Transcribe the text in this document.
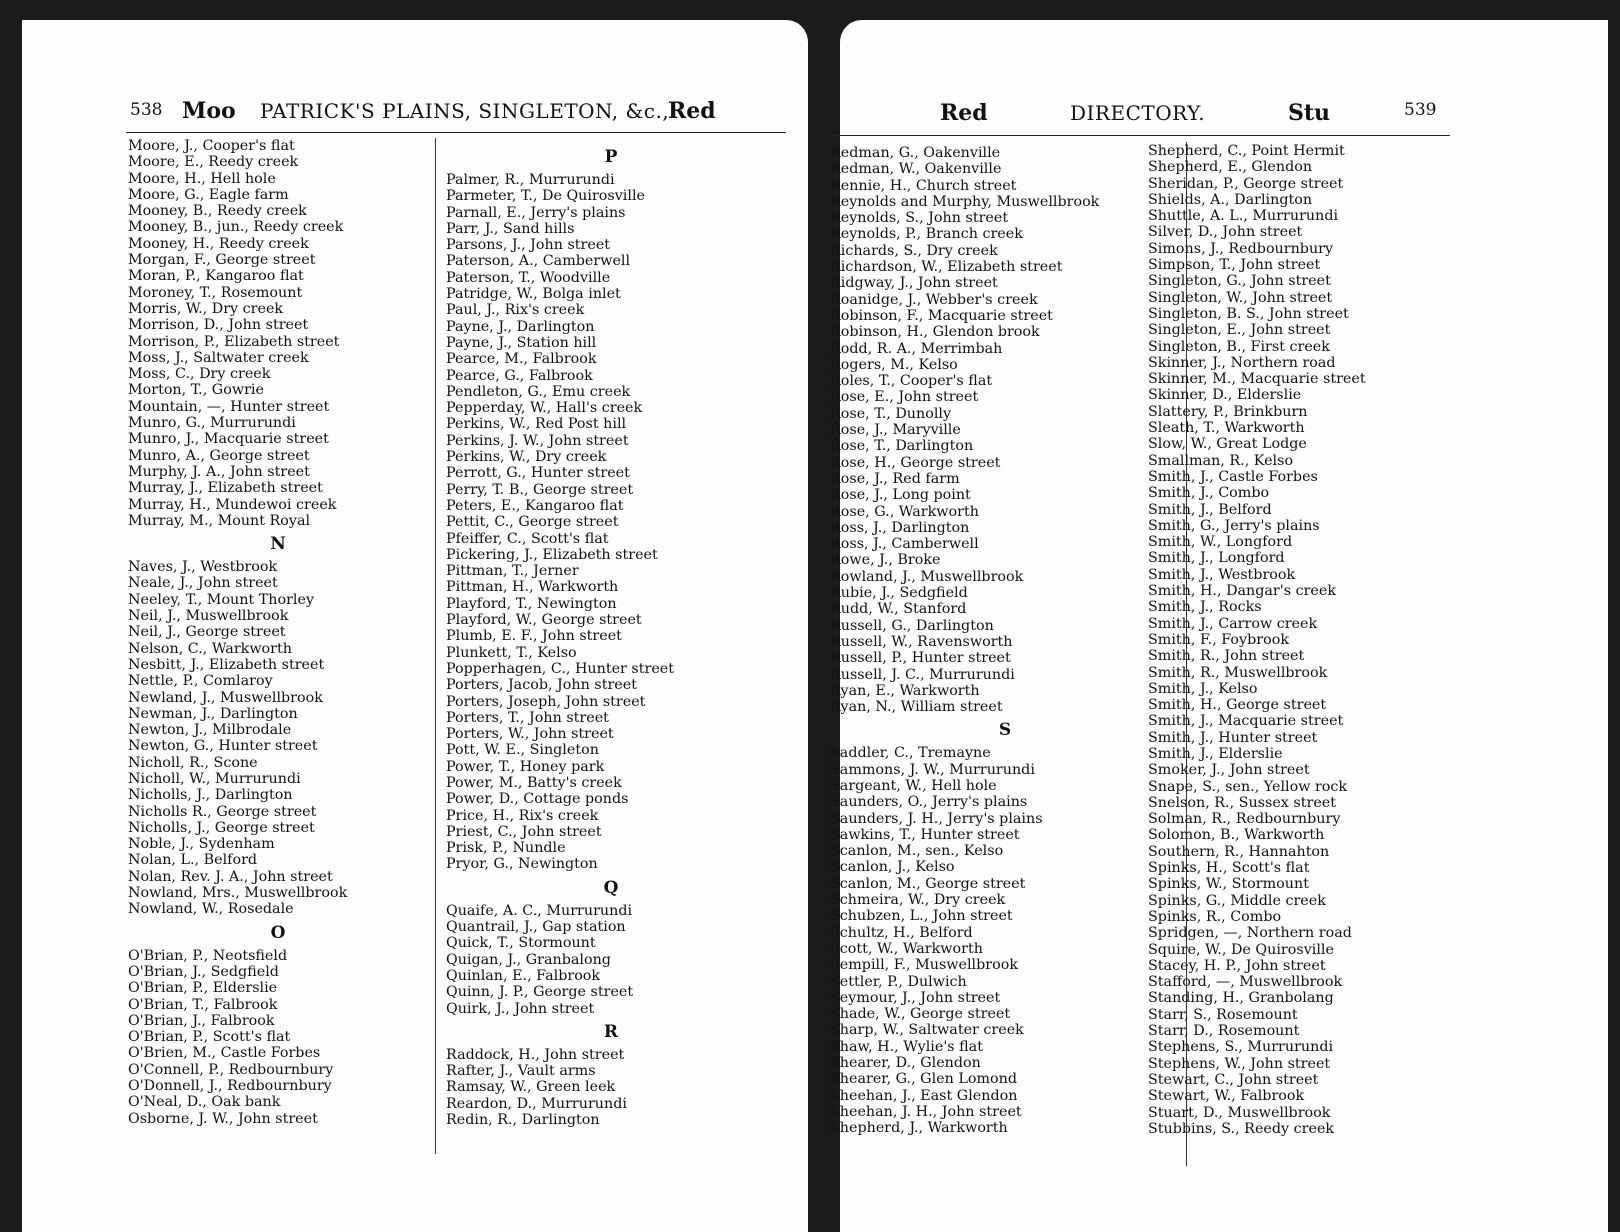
538 Moo PATRICK'S PLAINS, SINGLETON, &c.,
Red
Moore, J., Cooper's flat
Moore, E., Reedy creek
Moore, H., Hell hole
Moore, G., Eagle farm
Mooney, B., Reedy creek
Mooney, B., jun., Reedy creek
Mooney, H., Reedy creek
Morgan, F., George street
Moran, P., Kangaroo flat
Moroney, T., Rosemount
Morris, W., Dry creek
Morrison, D., John street
Morrison, P., Elizabeth street
Moss, J., Saltwater creek
Moss, C., Dry creek
Morton, T., Gowrie
Mountain, —, Hunter street
Munro, G., Murrurundi
Munro, J., Macquarie street
Munro, A., George street
Murphy, J. A., John street
Murray, J., Elizabeth street
Murray, H., Mundewoi creek
Murray, M., Mount Royal
N
Naves, J., Westbrook
Neale, J., John street
Neeley, T., Mount Thorley
Neil, J., Muswellbrook
Neil, J., George street
Nelson, C., Warkworth
Nesbitt, J., Elizabeth street
Nettle, P., Comlaroy
Newland, J., Muswellbrook
Newman, J., Darlington
Newton, J., Milbrodale
Newton, G., Hunter street
Nicholl, R., Scone
Nicholl, W., Murrurundi
Nicholls, J., Darlington
Nicholls R., George street
Nicholls, J., George street
Noble, J., Sydenham
Nolan, L., Belford
Nolan, Rev. J. A., John street
Nowland, Mrs., Muswellbrook
Nowland, W., Rosedale
O
O'Brian, P., Neotsfield
O'Brian, J., Sedgfield
O'Brian, P., Elderslie
O'Brian, T., Falbrook
O'Brian, J., Falbrook
O'Brian, P., Scott's flat
O'Brien, M., Castle Forbes
O'Connell, P., Redbournbury
O'Donnell, J., Redbournbury
O'Neal, D., Oak bank
Osborne, J. W., John street
P
Palmer, R., Murrurundi
Parmeter, T., De Quirosville
Parnall, E., Jerry's plains
Parr, J., Sand hills
Parsons, J., John street
Paterson, A., Camberwell
Paterson, T., Woodville
Patridge, W., Bolga inlet
Paul, J., Rix's creek
Payne, J., Darlington
Payne, J., Station hill
Pearce, M., Falbrook
Pearce, G., Falbrook
Pendleton, G., Emu creek
Pepperday, W., Hall's creek
Perkins, W., Red Post hill
Perkins, J. W., John street
Perkins, W., Dry creek
Perrott, G., Hunter street
Perry, T. B., George street
Peters, E., Kangaroo flat
Pettit, C., George street
Pfeiffer, C., Scott's flat
Pickering, J., Elizabeth street
Pittman, T., Jerner
Pittman, H., Warkworth
Playford, T., Newington
Playford, W., George street
Plumb, E. F., John street
Plunkett, T., Kelso
Popperhagen, C., Hunter street
Porters, Jacob, John street
Porters, Joseph, John street
Porters, T., John street
Porters, W., John street
Pott, W. E., Singleton
Power, T., Honey park
Power, M., Batty's creek
Power, D., Cottage ponds
Price, H., Rix's creek
Priest, C., John street
Prisk, P., Nundle
Pryor, G., Newington
Q
Quaife, A. C., Murrurundi
Quantrail, J., Gap station
Quick, T., Stormount
Quigan, J., Granbalong
Quinlan, E., Falbrook
Quinn, J. P., George street
Quirk, J., John street
R
Raddock, H., John street
Rafter, J., Vault arms
Ramsay, W., Green leek
Reardon, D., Murrurundi
Redin, R., Darlington
Red	DIRECTORY.	Stu	539
Redman, G., Oakenville
Redman, W., Oakenville
Rennie, H., Church street
Reynolds and Murphy, Muswellbrook
Reynolds, S., John street
Reynolds, P., Branch creek
Richards, S., Dry creek
Richardson, W., Elizabeth street
Ridgway, J., John street
Roanidge, J., Webber's creek
Robinson, F., Macquarie street
Robinson, H., Glendon brook
Rodd, R. A., Merrimbah
Rogers, M., Kelso
Roles, T., Cooper's flat
Rose, E., John street
Rose, T., Dunolly
Rose, J., Maryville
Rose, T., Darlington
Rose, H., George street
Rose, J., Red farm
Rose, J., Long point
Rose, G., Warkworth
Ross, J., Darlington
Ross, J., Camberwell
Rowe, J., Broke
Rowland, J., Muswellbrook
Rubie, J., Sedgfield
Rudd, W., Stanford
Russell, G., Darlington
Russell, W., Ravensworth
Russell, P., Hunter street
Russell, J. C., Murrurundi
Ryan, E., Warkworth
Ryan, N., William street
S
Saddler, C., Tremayne
Sammons, J. W., Murrurundi
Sargeant, W., Hell hole
Saunders, O., Jerry's plains
Saunders, J. H., Jerry's plains
Sawkins, T., Hunter street
Scanlon, M., sen., Kelso
Scanlon, J., Kelso
Scanlon, M., George street
Schmeira, W., Dry creek
Schubzen, L., John street
Schultz, H., Belford
Scott, W., Warkworth
Sempill, F., Muswellbrook
Settler, P., Dulwich
Seymour, J., John street
Shade, W., George street
Sharp, W., Saltwater creek
Shaw, H., Wylie's flat
Shearer, D., Glendon
Shearer, G., Glen Lomond
Sheehan, J., East Glendon
Sheehan, J. H., John street
Shepherd, J., Warkworth
Shepherd, C., Point Hermit
Shepherd, E., Glendon
Sheridan, P., George street
Shields, A., Darlington
Shuttle, A. L., Murrurundi
Silver, D., John street
Simons, J., Redbournbury
Simpson, T., John street
Singleton, G., John street
Singleton, W., John street
Singleton, B. S., John street
Singleton, E., John street
Singleton, B., First creek
Skinner, J., Northern road
Skinner, M., Macquarie street
Skinner, D., Elderslie
Slattery, P., Brinkburn
Sleath, T., Warkworth
Slow, W., Great Lodge
Smallman, R., Kelso
Smith, J., Castle Forbes
Smith, J., Combo
Smith, J., Belford
Smith, G., Jerry's plains
Smith, W., Longford
Smith, J., Longford
Smith, J., Westbrook
Smith, H., Dangar's creek
Smith, J., Rocks
Smith, J., Carrow creek
Smith, F., Foybrook
Smith, R., John street
Smith, R., Muswellbrook
Smith, J., Kelso
Smith, H., George street
Smith, J., Macquarie street
Smith, J., Hunter street
Smith, J., Elderslie
Smoker, J., John street
Snape, S., sen., Yellow rock
Snelson, R., Sussex street
Solman, R., Redbournbury
Solomon, B., Warkworth
Southern, R., Hannahton
Spinks, H., Scott's flat
Spinks, W., Stormount
Spinks, G., Middle creek
Spinks, R., Combo
Spridgen, —, Northern road
Squire, W., De Quirosville
Stacey, H. P., John street
Stafford, —, Muswellbrook
Standing, H., Granbolang
Starr, S., Rosemount
Starr, D., Rosemount
Stephens, S., Murrurundi
Stephens, W., John street
Stewart, C., John street
Stewart, W., Falbrook
Stuart, D., Muswellbrook
Stubbins, S., Reedy creek
